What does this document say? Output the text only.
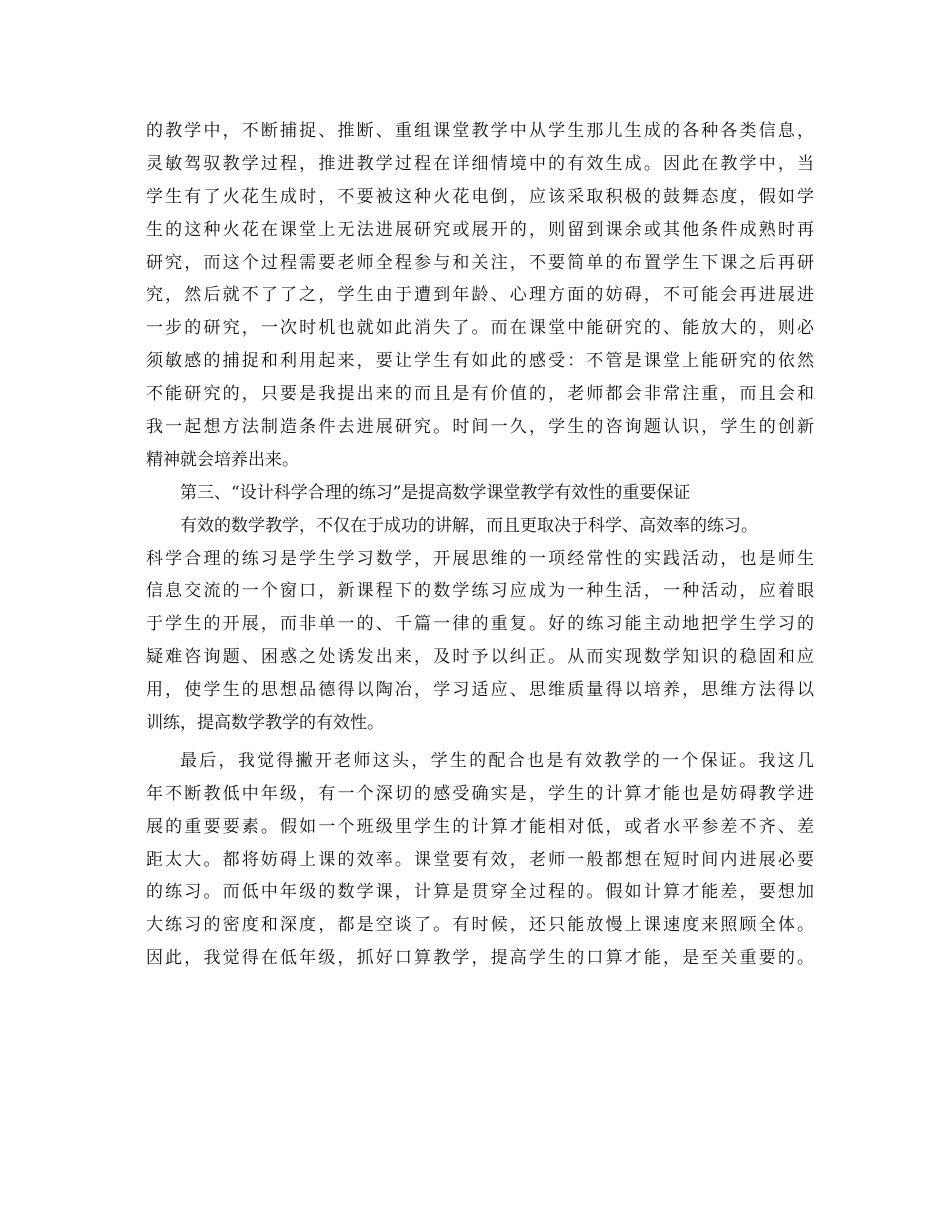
的教学中，不断捕捉、推断、重组课堂教学中从学生那儿生成的各种各类信息，
灵敏驾驭教学过程，推进教学过程在详细情境中的有效生成。因此在教学中，当
学生有了火花生成时，不要被这种火花电倒，应该采取积极的鼓舞态度，假如学
生的这种火花在课堂上无法进展研究或展开的，则留到课余或其他条件成熟时再
研究，而这个过程需要老师全程参与和关注，不要简单的布置学生下课之后再研
究，然后就不了了之，学生由于遭到年龄、心理方面的妨碍，不可能会再进展进
一步的研究，一次时机也就如此消失了。而在课堂中能研究的、能放大的，则必
须敏感的捕捉和利用起来，要让学生有如此的感受：不管是课堂上能研究的依然
不能研究的，只要是我提出来的而且是有价值的，老师都会非常注重，而且会和
我一起想方法制造条件去进展研究。时间一久，学生的咨询题认识，学生的创新
精神就会培养出来。
第三、“设计科学合理的练习”是提高数学课堂教学有效性的重要保证
有效的数学教学，不仅在于成功的讲解，而且更取决于科学、高效率的练习。
科学合理的练习是学生学习数学，开展思维的一项经常性的实践活动，也是师生
信息交流的一个窗口，新课程下的数学练习应成为一种生活，一种活动，应着眼
于学生的开展，而非单一的、千篇一律的重复。好的练习能主动地把学生学习的
疑难咨询题、困惑之处诱发出来，及时予以纠正。从而实现数学知识的稳固和应
用，使学生的思想品德得以陶冶，学习适应、思维质量得以培养，思维方法得以
训练，提高数学教学的有效性。
最后，我觉得撇开老师这头，学生的配合也是有效教学的一个保证。我这几
年不断教低中年级，有一个深切的感受确实是，学生的计算才能也是妨碍教学进
展的重要要素。假如一个班级里学生的计算才能相对低，或者水平参差不齐、差
距太大。都将妨碍上课的效率。课堂要有效，老师一般都想在短时间内进展必要
的练习。而低中年级的数学课，计算是贯穿全过程的。假如计算才能差，要想加
大练习的密度和深度，都是空谈了。有时候，还只能放慢上课速度来照顾全体。
因此，我觉得在低年级，抓好口算教学，提高学生的口算才能，是至关重要的。
